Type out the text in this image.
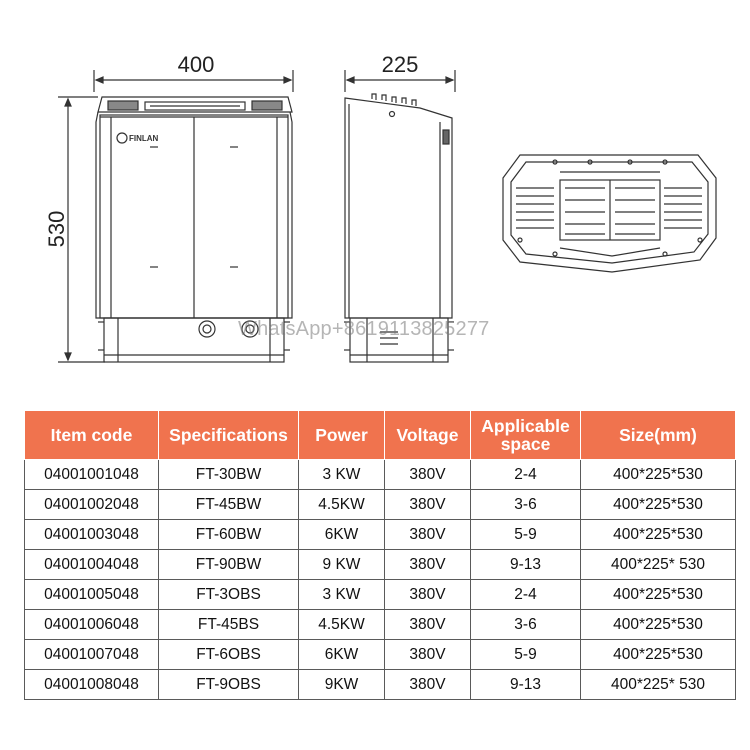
400	225
530
FINLAN
WhatsApp+8619113825277
Item code	Specifications	Power	Voltage	Applicable space	Size(mm)
04001001048	FT-30BW	3 KW	380V	2-4	400*225*530
04001002048	FT-45BW	4.5KW	380V	3-6	400*225*530
04001003048	FT-60BW	6KW	380V	5-9	400*225*530
04001004048	FT-90BW	9 KW	380V	9-13	400*225* 530
04001005048	FT-3OBS	3 KW	380V	2-4	400*225*530
04001006048	FT-45BS	4.5KW	380V	3-6	400*225*530
04001007048	FT-6OBS	6KW	380V	5-9	400*225*530
04001008048	FT-9OBS	9KW	380V	9-13	400*225* 530
